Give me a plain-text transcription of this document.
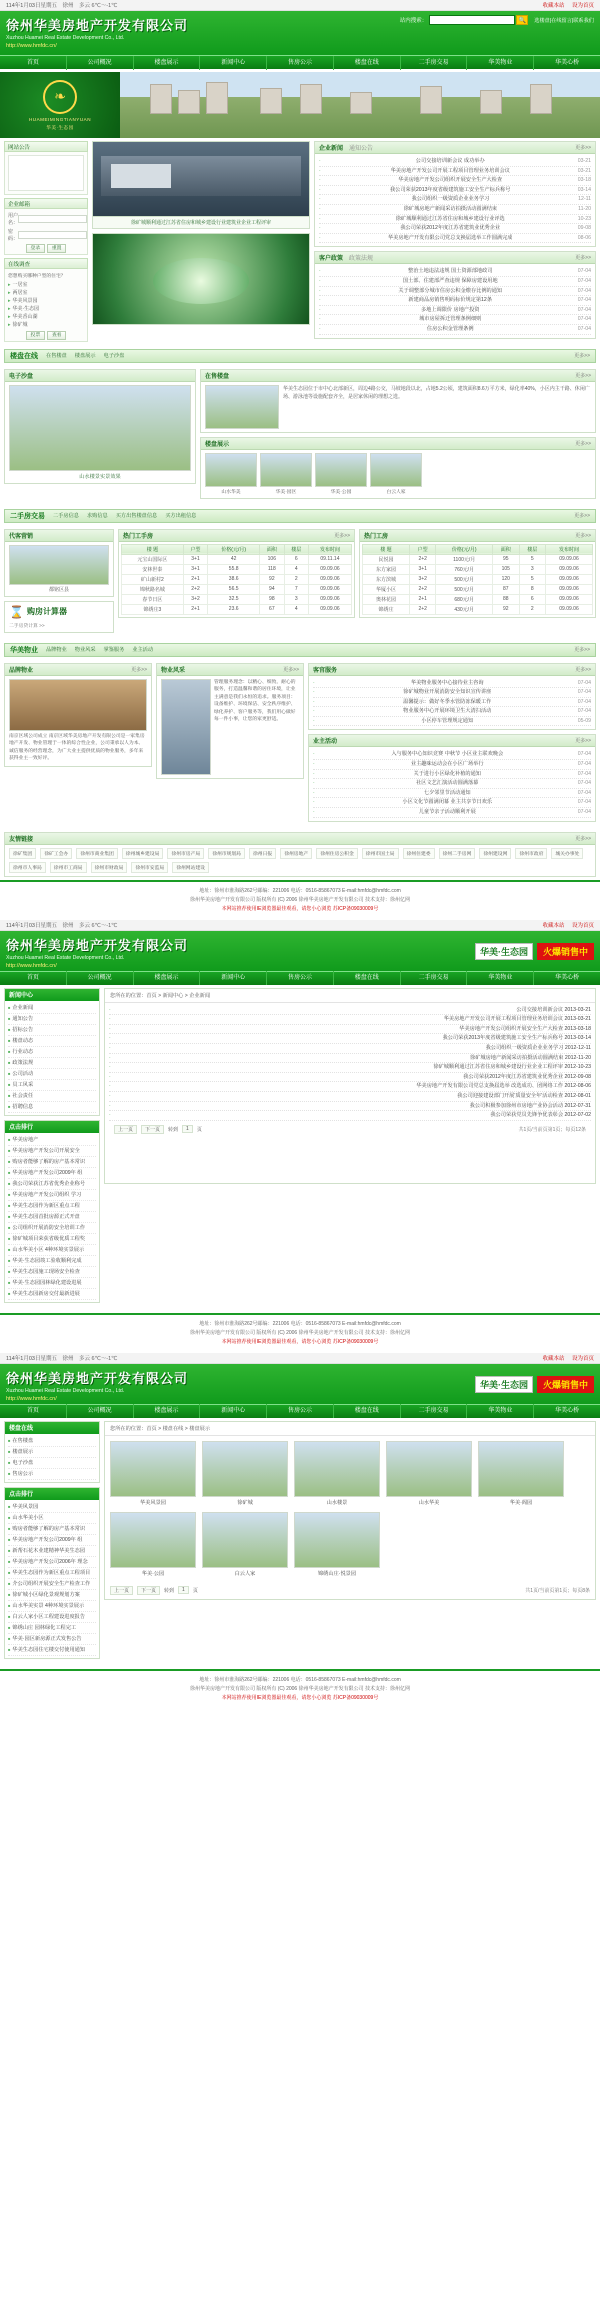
114年1月03日星期五 徐州 多云 6℃～-1℃	收藏本站 设为首页
徐州华美房地产开发有限公司
Xuzhou Huamei Real Estate Development Co., Ltd.
http://www.hmfdc.cn/
站内搜索：	🔍	选楼盘|在线留言|联系我们
首页	公司概况	楼盘展示	新闻中心	售房公示	楼盘在线	二手房交易	华美物业	华美心桥
❧
HUAMEIMINGTIANYUAN
华美·生态园
网站公告
企业邮箱
用户名：
密 码：
登录 重置
在线调查
您想购买哪种户型的住宅？
▸ 一居室
▸ 两居室
▸ 华美风景园
▸ 华美·生态园
▸ 华美香山湖
▸ 徐矿城
投票 查看
徐矿城顺利通过江苏省住房和城乡建设行业建筑业企业工程评审
企业新闻 通知公告	更多>>
· 公司交接培训新会议 成功举办	03-21
· 华美房地产开发公司开展工程项目管理业务培训会议	03-21
· 华美房地产开发公司组织开展安全生产大检查	03-18
· 我公司荣获2013年度省级建筑施工安全生产标兵称号	03-14
· 我公司组织一级资质企业业务学习	12-11
· 徐矿城房地产新闻采访拍摄活动圆满结束	11-20
· 徐矿城顺利通过江苏省住房和城乡建设行业评选	10-23
· 我公司荣获2012年度江苏省建筑业优秀企业	09-08
· 华美房地产开发有限公司党总支换届选举工作圆满完成	08-06
客户政策 政策法规	更多>>
· 整治土地违法违规 国土资源部地政司	07-04
· 国土部、住建部严查违规 保障房建设用地	07-04
· 关于调整部分城市住房公积金缴存比例的通知	07-04
· 新建商品房销售明码标价规定第12条	07-04
· 多地上调限价 房地产投资	07-04
· 城市房屋拆迁管理条例细则	07-04
· 住房公积金管理条例	07-04
楼盘在线 在售楼盘 楼盘展示 电子沙盘	更多>>
电子沙盘
山水楼景实景效果
在售楼盘	更多>>
华美生态园位于市中心北部新区，周边4路公交，马坡地段以北，占地5.2公顷，建筑面积8.6万平方米，绿化率40%，小区内主干路、休闲广场、游泳池等设施配套齐全，是居家休闲的理想之选。
楼盘展示	更多>>
山水华美	华美·园区	华美·公园	白云人家
二手房交易 二手房信息 求购信息 买方出售楼盘信息 买方出租信息	更多>>
代客营销
都铭区县
⌛ 购房计算器
二手房贷计算 >>
热门工手房	更多>>
楼 题	户型	价格(元/月)	面积	楼层	发布时间
元宝山国际区	3+1	42	106	6	09.11.14
安林世泰	3+1	55.8	118	4	09.09.06
矿山新村2	2+1	38.6	92	2	09.09.06
锦秋路名城	2+2	56.5	94	7	09.09.06
春节日区	3+2	32.5	98	3	09.09.06
锦绣庄3	2+1	23.6	67	4	09.09.06
热门工房	更多>>
楼 题	户型	价格(元/月)	面积	楼层	发布时间
民悦园	2+2	1100元/月	95	5	09.09.06
东方家园	3+1	760元/月	105	3	09.09.06
东方滨城	3+2	500元/月	120	5	09.09.06
华厦小区	2+2	500元/月	87	8	09.09.06
奥林花园	2+1	680元/月	88	6	09.09.06
锦绣庄	2+2	430元/月	92	2	09.09.06
华美物业 品牌物业 物业风采 掌鉴服务 业主活动	更多>>
品牌物业	更多>>
南京区域公司成立 南京区域华美房地产开发有限公司是一家集房地产开发、物业管理于一体的综合性企业，公司秉承以人为本、诚信服务的经营理念，为广大业主提供优质的物业服务，多年来获得业主一致好评。
物业风采	更多>>
管理服务理念：以精心、细致、耐心的服务，打造温馨和谐的居住环境，让业主满意是我们永恒的追求。服务项目：设备维护、环境保洁、安全秩序维护、绿化养护、客户服务等，我们用心做好每一件小事，让您的家更舒适。
客官服务	更多>>
· 华美物业服务中心接待业主咨询	07-04
· 徐矿城物业开展消防安全知识宣传讲座	07-04
· 温馨提示：做好冬季水管防冻保暖工作	07-04
· 物业服务中心开展环境卫生大清扫活动	07-04
· 小区停车管理规定通知	05-09
业主活动	更多>>
· 入与服务中心知识竞赛 中秋节 小区业主联欢晚会	07-04
· 业主趣味运动会在小区广场举行	07-04
· 关于进行小区绿化补植的通知	07-04
· 社区文艺汇演活动圆满落幕	07-04
· 七夕邻里节活动通知	07-04
· 小区文化节圆满闭幕 业主共享节日欢乐	07-04
· 儿童节亲子活动顺利开展	07-04
友情链接	更多>>
徐矿集团	徐矿工会办	徐州市商业集团	徐州城乡建设局	徐州市房产局	徐州市规划局	徐州日报	徐州房地产	徐州住房公积金	徐州市国土局	徐州住建委	徐州二手房网	徐州建设网	徐州市政府	城关办事处
徐州市人事局	徐州市工商局	徐州市财政局	徐州市安监局	徐州网站建设
地址：徐州市淮海路262号邮编：221006 电话：0516-85867073 E-mail:hmfdc@hmfdc.com
徐州华美房地产开发有限公司 版权所有 (C) 2006 徐州华美房地产开发有限公司 技术支持：徐州亿网
本网站推荐使用IE浏览器最佳观看，请您小心浏览 苏ICP备09030009号
114年1月03日星期五 徐州 多云 6℃～-1℃	收藏本站 设为首页
徐州华美房地产开发有限公司
Xuzhou Huamei Real Estate Development Co., Ltd.
http://www.hmfdc.cn/
华美·生态园	火爆销售中
首页	公司概况	楼盘展示	新闻中心	售房公示	楼盘在线	二手房交易	华美物业	华美心桥
新闻中心
■ 企业新闻
■ 通知公告
■ 招标公告
■ 楼盘动态
■ 行业动态
■ 政策法规
■ 公司活动
■ 员工风采
■ 社会责任
■ 招聘信息
点击排行
■ 华美房地产
■ 华美房地产开发公司开展安全
■ 购房者能够了解的房产基本常识
■ 华美房地产开发公司2009年 组
■ 我公司荣获江苏省优秀企业称号
■ 华美房地产开发公司组织 学习
■ 华美生态园作为新区重点工程
■ 华美生态园首批房源正式开盘
■ 公司组织开展消防安全培训工作
■ 徐矿城项目荣获省级优质工程奖
■ 山水华美小区 4种环境实景展示
■ 华美·生态园竣工验收顺利完成
■ 华美生态园施工现场安全检查
■ 华美·生态园园林绿化建设进展
■ 华美生态园新房交付最新进展
您所在的位置：首页 > 新闻中心 > 企业新闻
· 公司交接培训新会议 2013-03-21
· 华美房地产开发公司开展工程项目管理业务培训会议 2013-03-21
· 华美房地产开发公司组织开展安全生产大检查 2013-03-18
· 我公司荣获2013年度省级建筑施工安全生产标兵称号 2013-03-14
· 我公司组织一级资质企业业务学习 2012-12-11
· 徐矿城房地产新闻采访拍摄活动圆满结束 2012-11-20
· 徐矿城顺利通过江苏省住房和城乡建设行业企业工程评审 2012-10-23
· 我公司荣获2012年度江苏省建筑业优秀企业 2012-09-08
· 华美房地产开发有限公司党总支换届选举 改选成功、团网络工作 2012-08-06
· 我公司迎接建设部门开展'质量安全年'活动检查 2012-08-01
· 我公司积极参加徐州市房地产业协会活动 2012-07-31
· 我公司荣获党员先锋争优表彰会 2012-07-02
上一页	下一页	转到	1	页	共1页/当前页第1页；每页12条
地址：徐州市淮海路262号邮编：221006 电话：0516-85867073 E-mail:hmfdc@hmfdc.com
徐州华美房地产开发有限公司 版权所有 (C) 2006 徐州华美房地产开发有限公司 技术支持：徐州亿网
本网站推荐使用IE浏览器最佳观看，请您小心浏览 苏ICP备09030009号
114年1月03日星期五 徐州 多云 6℃～-1℃	收藏本站 设为首页
徐州华美房地产开发有限公司
Xuzhou Huamei Real Estate Development Co., Ltd.
http://www.hmfdc.cn/
华美·生态园	火爆销售中
首页	公司概况	楼盘展示	新闻中心	售房公示	楼盘在线	二手房交易	华美物业	华美心桥
楼盘在线
■ 在售楼盘
■ 楼盘展示
■ 电子沙盘
■ 售房公示
点击排行
■ 华美风景园
■ 山水华美小区
■ 购房者能够了解的房产基本常识
■ 华美房地产开发公司2009年 组
■ 新帮石花木业建精神华美生态园
■ 华美房地产开发公司2006年 理念
■ 华美生态园作为新区重点工程项目
■ 介公司组织开展安全生产检查工作
■ 徐矿城小区绿化景观规划方案
■ 山水华美实景 4种环境实景展示
■ 白云人家小区工程建设进度报告
■ 锦绣山庄 园林绿化工程完工
■ 华美·园区新房源正式发售公告
■ 华美生态园住宅楼交付使用通知
您所在的位置：首页 > 楼盘在线 > 楼盘展示
华美风景园	徐矿城	山水楼景	山水华美	华美·阁园
华美·公园	白云人家	锦绣山庄·悦景园
上一页	下一页	转到	1	页	共1页/当前页第1页；每页8条
地址：徐州市淮海路262号邮编：221006 电话：0516-85867073 E-mail:hmfdc@hmfdc.com
徐州华美房地产开发有限公司 版权所有 (C) 2006 徐州华美房地产开发有限公司 技术支持：徐州亿网
本网站推荐使用IE浏览器最佳观看，请您小心浏览 苏ICP备09030009号
